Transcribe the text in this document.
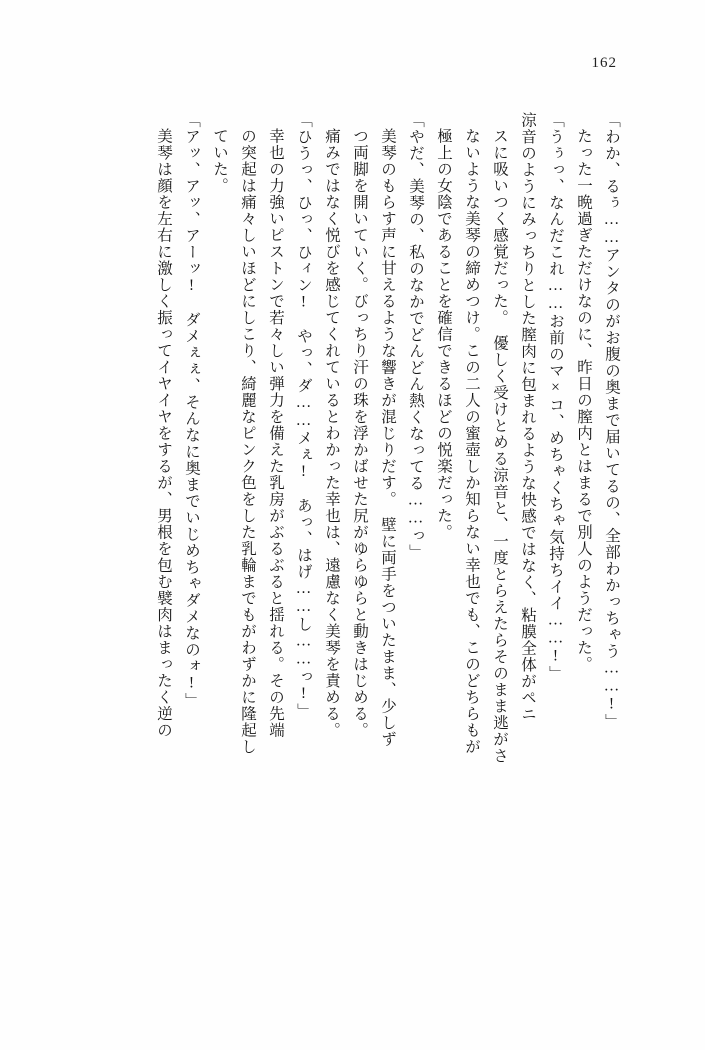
162
「わか、るぅ……アンタのがお腹の奥まで届いてるの、全部わかっちゃう……!」
たった一晩過ぎただけなのに、昨日の膣内とはまるで別人のようだった。
「うぅっ、なんだこれ……お前のマ×コ、めちゃくちゃ気持ちイイ……!」
涼音のようにみっちりとした膣肉に包まれるような快感ではなく、粘膜全体がペニ
スに吸いつく感覚だった。　優しく受けとめる涼音と、一度とらえたらそのまま逃がさ
ないような美琴の締めつけ。この二人の蜜壺しか知らない幸也でも、このどちらもが
極上の女陰であることを確信できるほどの悦楽だった。
「やだ、美琴の、私のなかでどんどん熱くなってる……っ」
美琴のもらす声に甘えるような響きが混じりだす。　壁に両手をついたまま、少しず
つ両脚を開いていく。びっちり汗の珠を浮かばせた尻がゆらゆらと動きはじめる。
痛みではなく悦びを感じてくれているとわかった幸也は、遠慮なく美琴を責める。
「ひうっ、ひっ、ひィン!　やっ、ダ……メぇ!　あっ、はげ……し……っ!」
幸也の力強いピストンで若々しい弾力を備えた乳房がぶるぶると揺れる。その先端
の突起は痛々しいほどにしこり、綺麗なピンク色をした乳輪までもがわずかに隆起し
ていた。
「アッ、アッ、アーッ!　ダメぇぇ、そんなに奥までいじめちゃダメなのォ!」
美琴は顔を左右に激しく振ってイヤイヤをするが、男根を包む襞肉はまったく逆の
